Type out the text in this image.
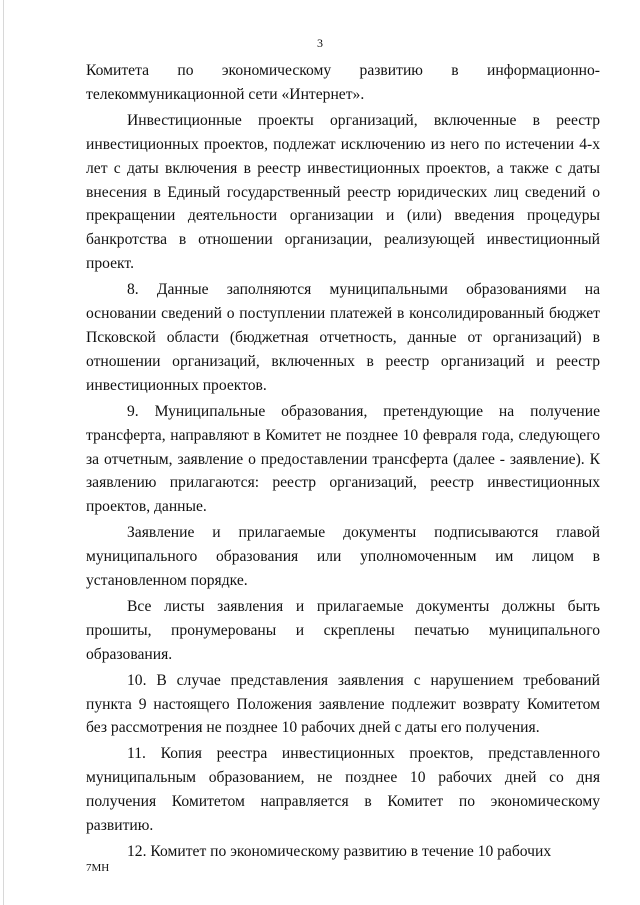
3

Комитета по экономическому развитию в информационно-телекоммуникационной сети «Интернет».

Инвестиционные проекты организаций, включенные в реестр инвестиционных проектов, подлежат исключению из него по истечении 4-х лет с даты включения в реестр инвестиционных проектов, а также с даты внесения в Единый государственный реестр юридических лиц сведений о прекращении деятельности организации и (или) введения процедуры банкротства в отношении организации, реализующей инвестиционный проект.

8. Данные заполняются муниципальными образованиями на основании сведений о поступлении платежей в консолидированный бюджет Псковской области (бюджетная отчетность, данные от организаций) в отношении организаций, включенных в реестр организаций и реестр инвестиционных проектов.

9. Муниципальные образования, претендующие на получение трансферта, направляют в Комитет не позднее 10 февраля года, следующего за отчетным, заявление о предоставлении трансферта (далее - заявление). К заявлению прилагаются: реестр организаций, реестр инвестиционных проектов, данные.

Заявление и прилагаемые документы подписываются главой муниципального образования или уполномоченным им лицом в установленном порядке.

Все листы заявления и прилагаемые документы должны быть прошиты, пронумерованы и скреплены печатью муниципального образования.

10. В случае представления заявления с нарушением требований пункта 9 настоящего Положения заявление подлежит возврату Комитетом без рассмотрения не позднее 10 рабочих дней с даты его получения.

11. Копия реестра инвестиционных проектов, представленного муниципальным образованием, не позднее 10 рабочих дней со дня получения Комитетом направляется в Комитет по экономическому развитию.

12. Комитет по экономическому развитию в течение 10 рабочих

7МН
